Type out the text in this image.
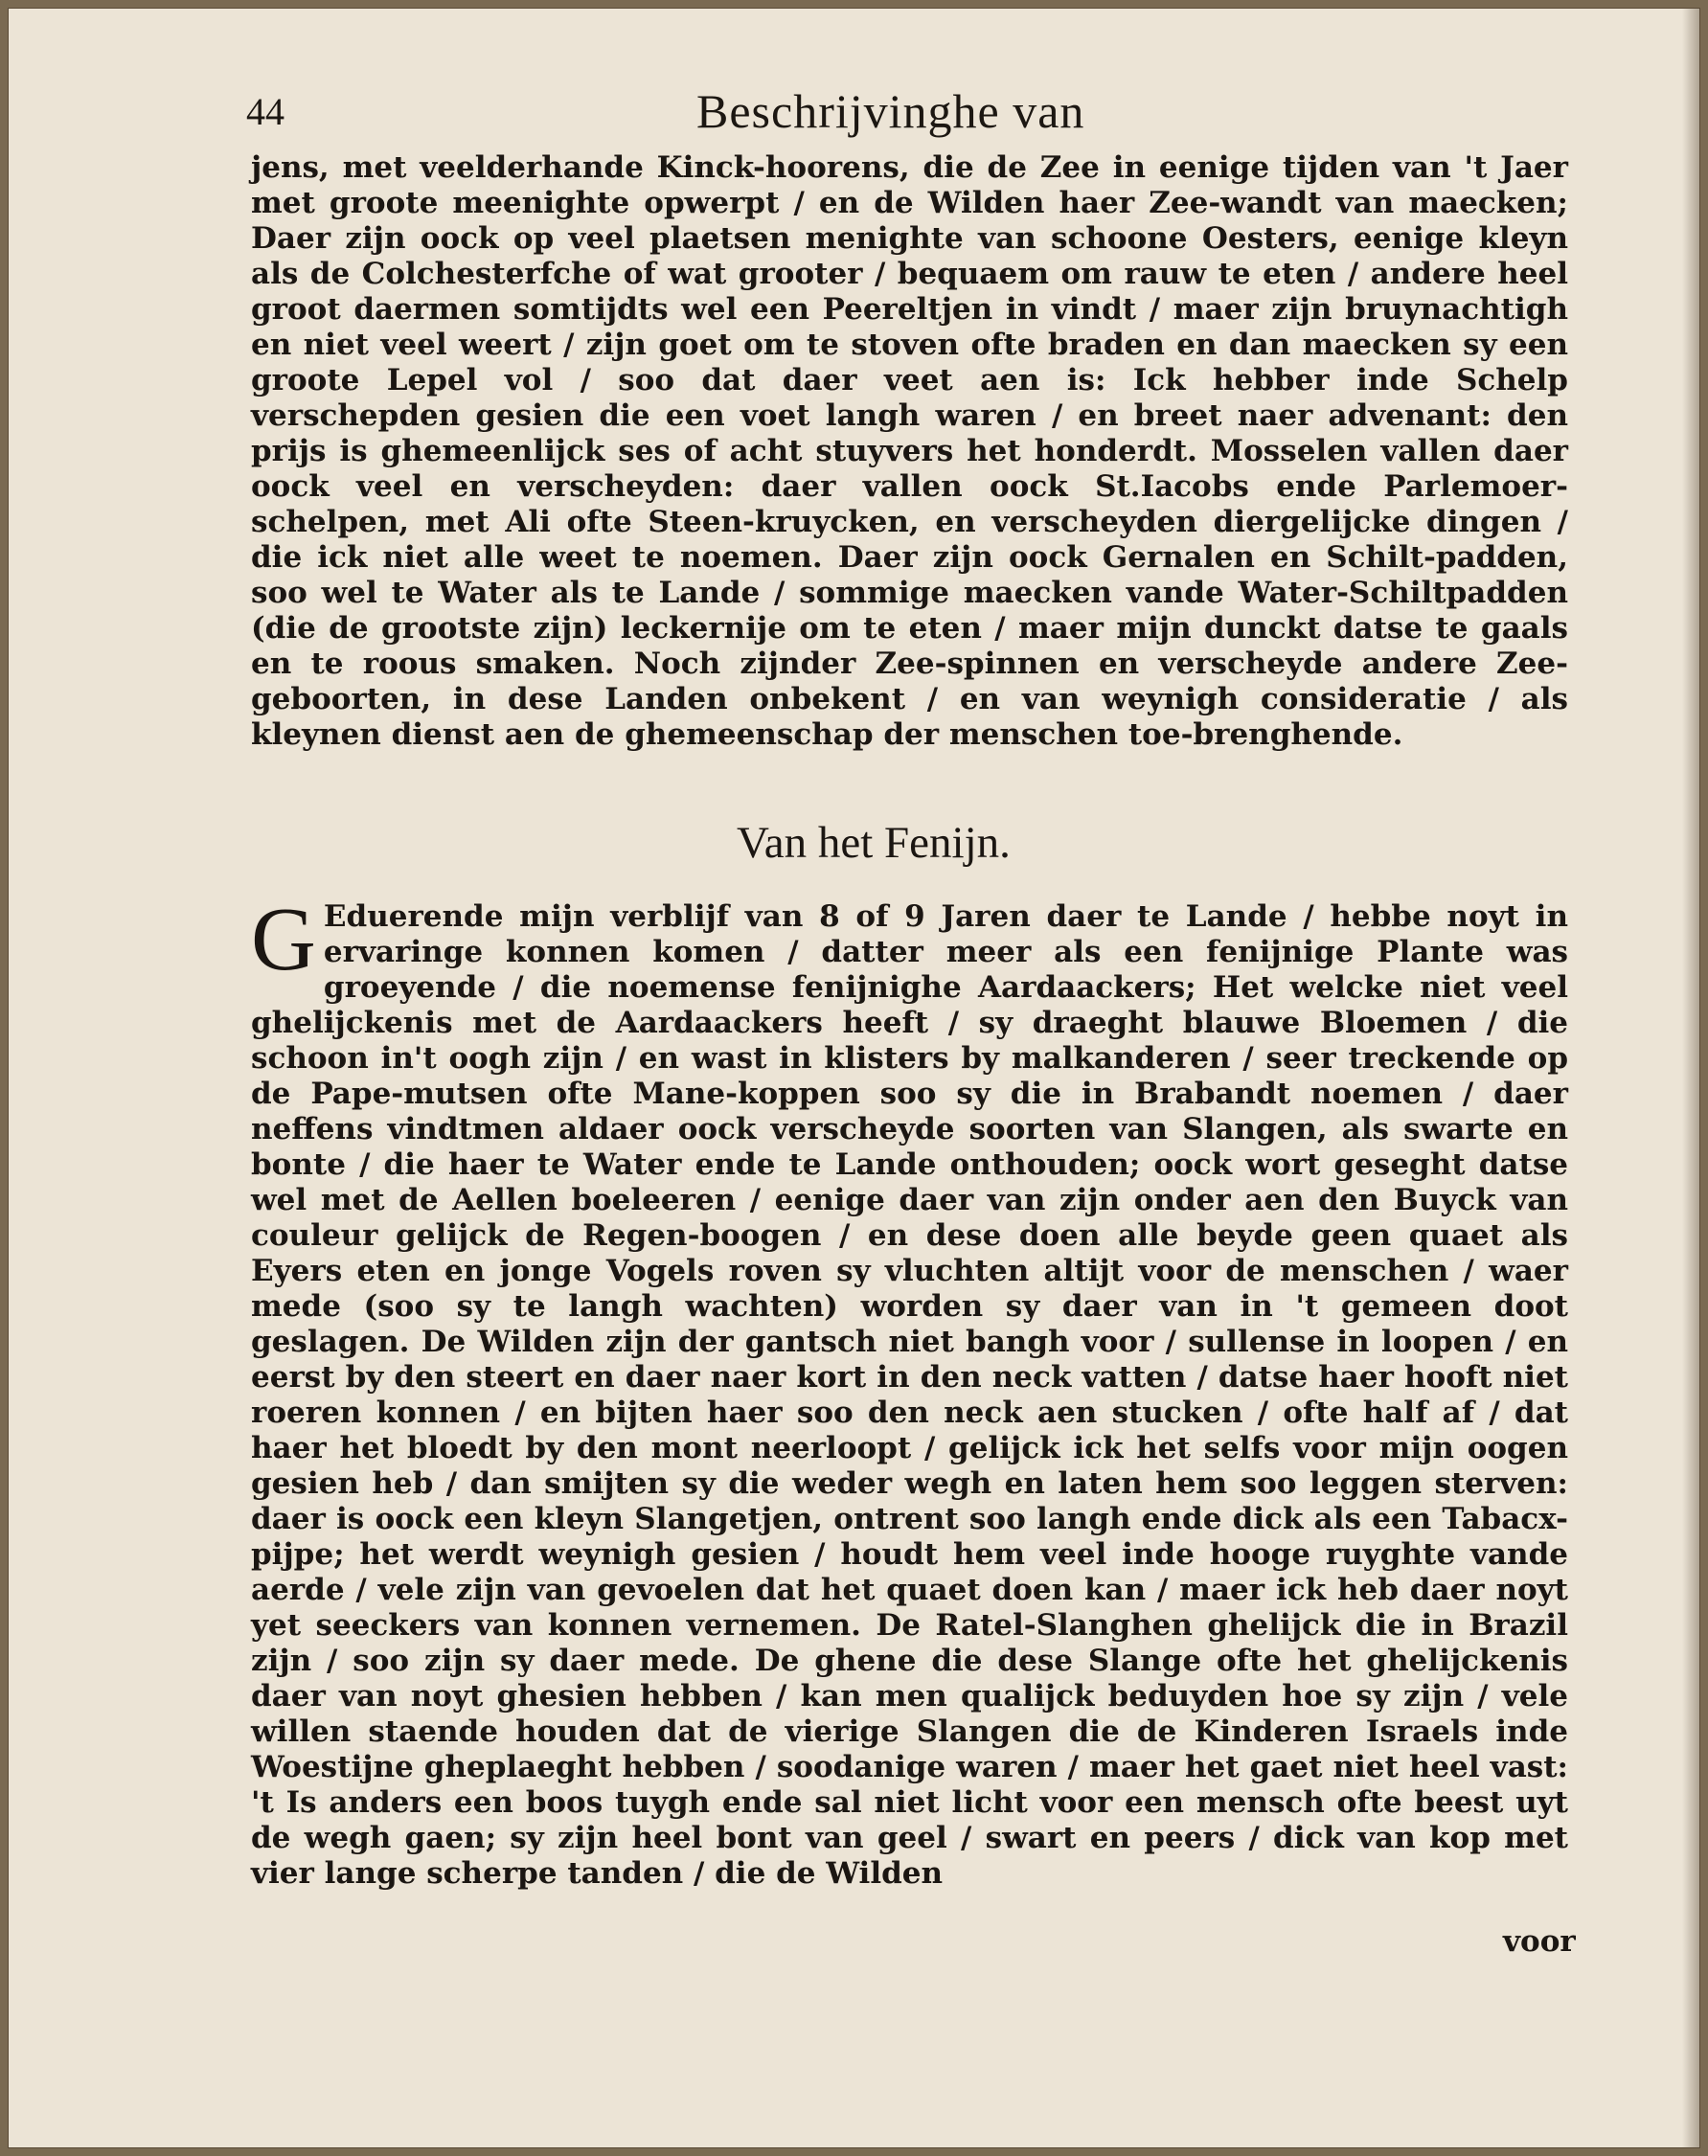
44	Beschrijvinghe van
jens, met veelderhande Kinck-hoorens, die de Zee in eenige tijden van 't Jaer met groote meenighte opwerpt / en de Wilden haer Zee-wandt van maecken; Daer zijn oock op veel plaetsen menighte van schoone Oesters, eenige kleyn als de Colchesterfche of wat grooter / bequaem om rauw te eten / andere heel groot daermen somtijdts wel een Peereltjen in vindt / maer zijn bruynachtigh en niet veel weert / zijn goet om te stoven ofte braden en dan maecken sy een groote Lepel vol / soo dat daer veet aen is: Ick hebber inde Schelp verschepden gesien die een voet langh waren / en breet naer advenant: den prijs is ghemeenlijck ses of acht stuyvers het honderdt. Mosselen vallen daer oock veel en verscheyden: daer vallen oock St.Iacobs ende Parlemoer-schelpen, met Ali ofte Steen-kruycken, en verscheyden diergelijcke dingen / die ick niet alle weet te noemen. Daer zijn oock Gernalen en Schilt-padden, soo wel te Water als te Lande / sommige maecken vande Water-Schiltpadden (die de grootste zijn) leckernije om te eten / maer mijn dunckt datse te gaals en te roous smaken. Noch zijnder Zee-spinnen en verscheyde andere Zee-geboorten, in dese Landen onbekent / en van weynigh consideratie / als kleynen dienst aen de ghemeenschap der menschen toe-brenghende.
Van het Fenijn.
G Eduerende mijn verblijf van 8 of 9 Jaren daer te Lande / hebbe noyt in ervaringe konnen komen / datter meer als een fenijnige Plante was groeyende / die noemense fenijnighe Aardaackers; Het welcke niet veel ghelijckenis met de Aardaackers heeft / sy draeght blauwe Bloemen / die schoon in't oogh zijn / en wast in klisters by malkanderen / seer treckende op de Pape-mutsen ofte Mane-koppen soo sy die in Brabandt noemen / daer neffens vindtmen aldaer oock verscheyde soorten van Slangen, als swarte en bonte / die haer te Water ende te Lande onthouden; oock wort geseght datse wel met de Aellen boeleeren / eenige daer van zijn onder aen den Buyck van couleur gelijck de Regen-boogen / en dese doen alle beyde geen quaet als Eyers eten en jonge Vogels roven sy vluchten altijt voor de menschen / waer mede (soo sy te langh wachten) worden sy daer van in 't gemeen doot geslagen. De Wilden zijn der gantsch niet bangh voor / sullense in loopen / en eerst by den steert en daer naer kort in den neck vatten / datse haer hooft niet roeren konnen / en bijten haer soo den neck aen stucken / ofte half af / dat haer het bloedt by den mont neerloopt / gelijck ick het selfs voor mijn oogen gesien heb / dan smijten sy die weder wegh en laten hem soo leggen sterven: daer is oock een kleyn Slangetjen, ontrent soo langh ende dick als een Tabacx-pijpe; het werdt weynigh gesien / houdt hem veel inde hooge ruyghte vande aerde / vele zijn van gevoelen dat het quaet doen kan / maer ick heb daer noyt yet seeckers van konnen vernemen. De Ratel-Slanghen ghelijck die in Brazil zijn / soo zijn sy daer mede. De ghene die dese Slange ofte het ghelijckenis daer van noyt ghesien hebben / kan men qualijck beduyden hoe sy zijn / vele willen staende houden dat de vierige Slangen die de Kinderen Israels inde Woestijne gheplaeght hebben / soodanige waren / maer het gaet niet heel vast: 't Is anders een boos tuygh ende sal niet licht voor een mensch ofte beest uyt de wegh gaen; sy zijn heel bont van geel / swart en peers / dick van kop met vier lange scherpe tanden / die de Wilden
voor
